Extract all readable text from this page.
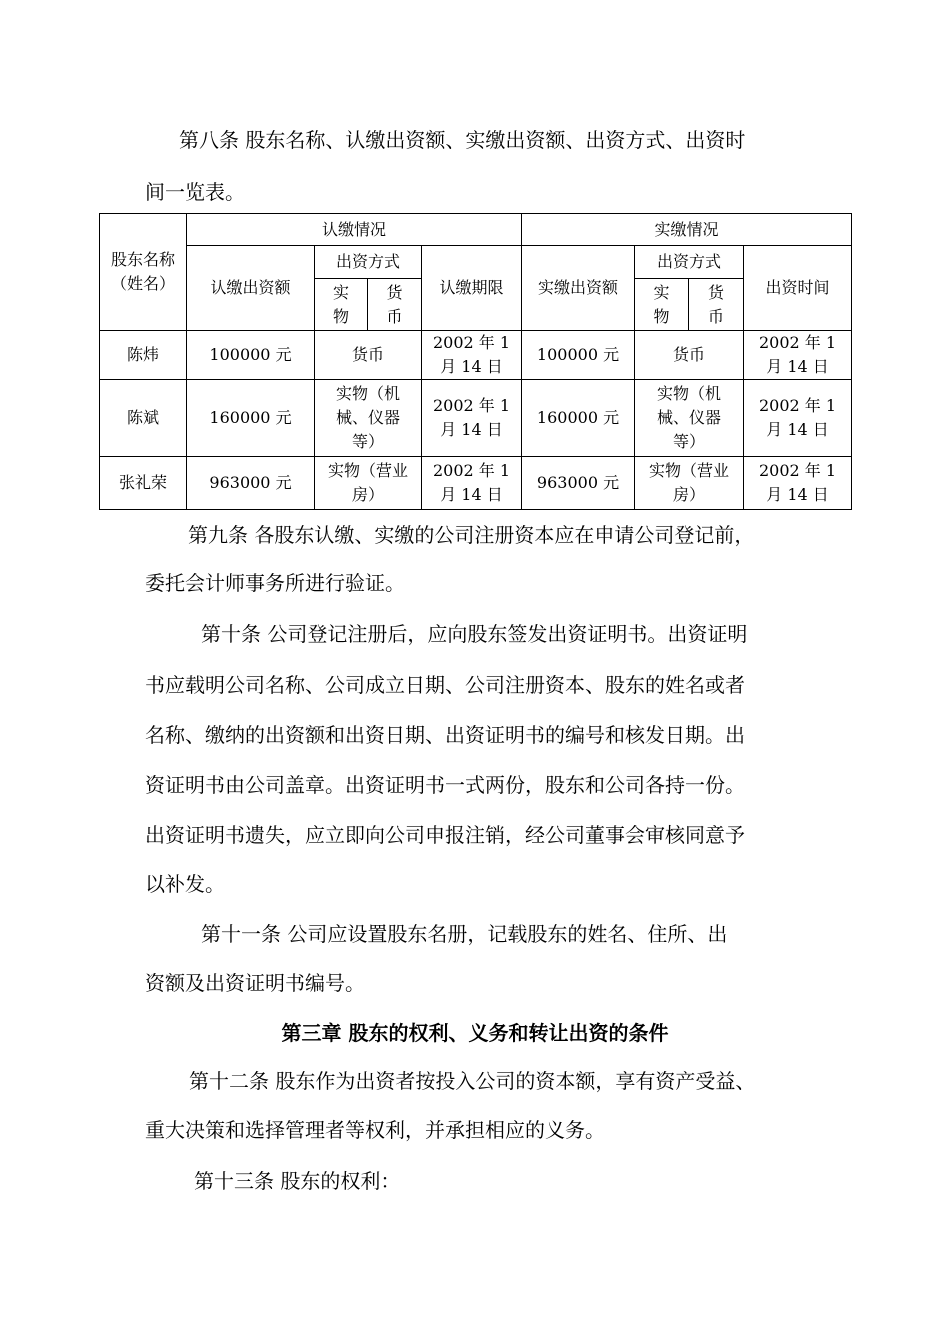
第八条 股东名称、认缴出资额、实缴出资额、出资方式、出资时
间一览表。
股东名称（姓名）	认缴情况				实缴情况			
	认缴出资额	出资方式		认缴期限	实缴出资额	出资方式		出资时间
		实物	货币			实物	货币	
陈炜	100000 元	货币		2002 年 1 月 14 日	100000 元	货币		2002 年 1 月 14 日
陈斌	160000 元	实物（机械、仪器等）		2002 年 1 月 14 日	160000 元	实物（机械、仪器等）		2002 年 1 月 14 日
张礼荣	963000 元	实物（营业房）		2002 年 1 月 14 日	963000 元	实物（营业房）		2002 年 1 月 14 日
第九条 各股东认缴、实缴的公司注册资本应在申请公司登记前，
委托会计师事务所进行验证。
第十条 公司登记注册后，应向股东签发出资证明书。出资证明
书应载明公司名称、公司成立日期、公司注册资本、股东的姓名或者
名称、缴纳的出资额和出资日期、出资证明书的编号和核发日期。出
资证明书由公司盖章。出资证明书一式两份，股东和公司各持一份。
出资证明书遗失，应立即向公司申报注销，经公司董事会审核同意予
以补发。
第十一条 公司应设置股东名册，记载股东的姓名、住所、出
资额及出资证明书编号。
第三章 股东的权利、义务和转让出资的条件
第十二条 股东作为出资者按投入公司的资本额，享有资产受益、
重大决策和选择管理者等权利，并承担相应的义务。
第十三条 股东的权利：
